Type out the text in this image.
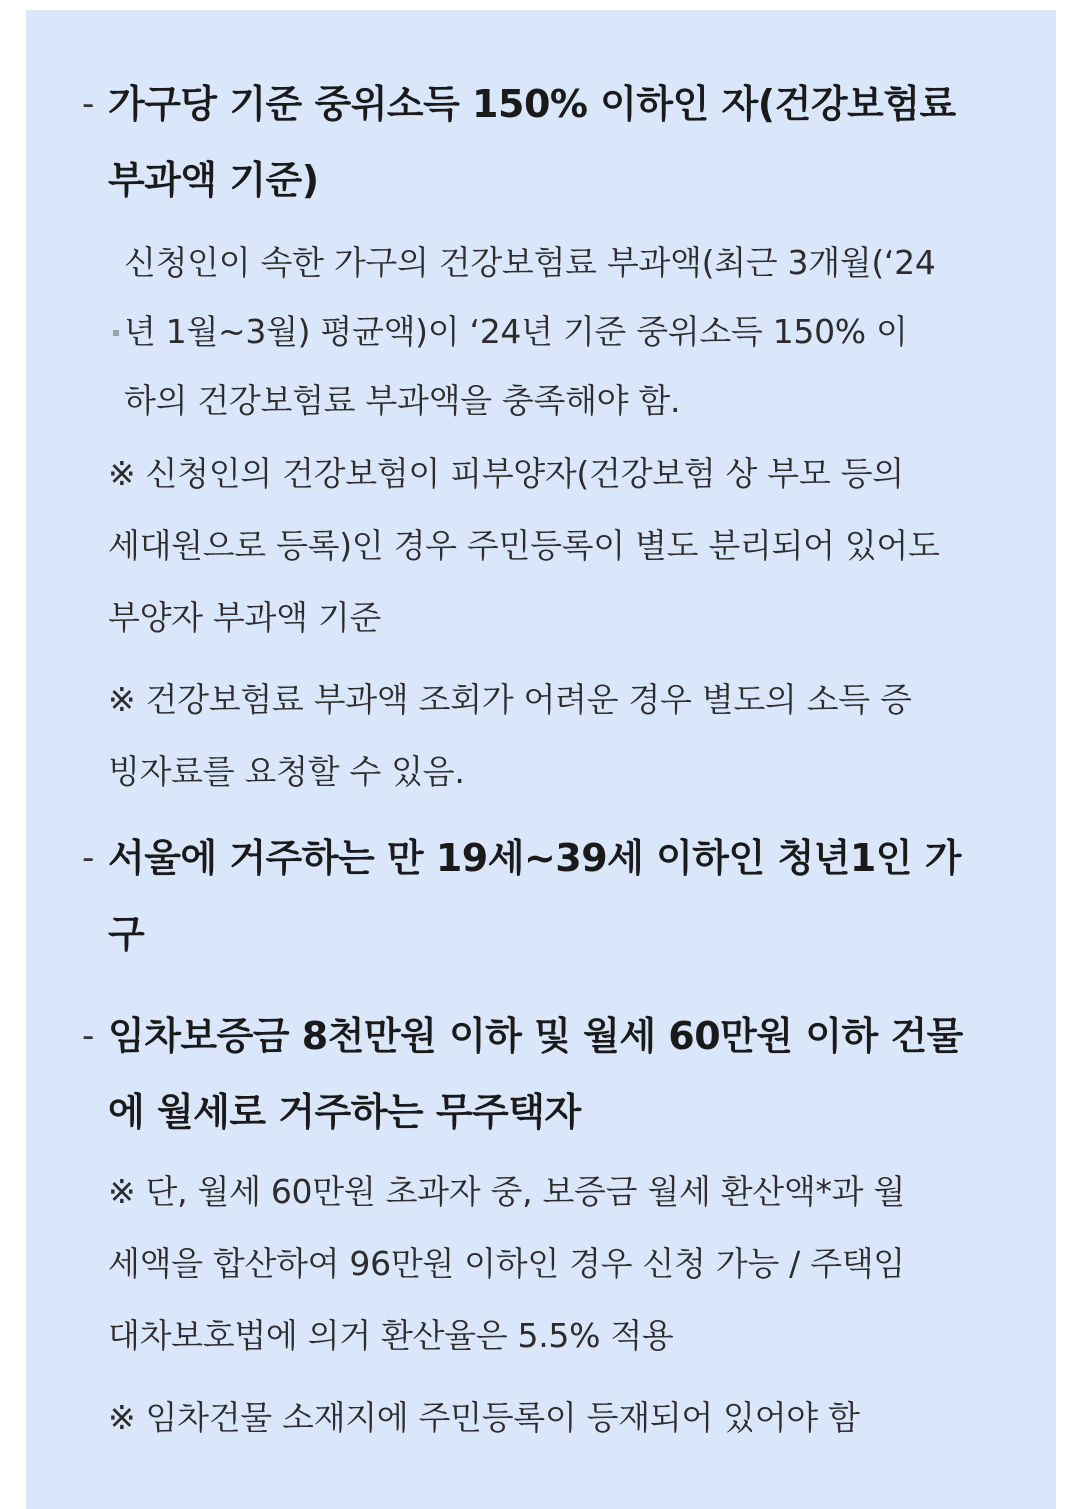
- 가구당 기준 중위소득 150% 이하인 자(건강보험료
부과액 기준)
신청인이 속한 가구의 건강보험료 부과액(최근 3개월(‘24
년 1월~3월) 평균액)이 ‘24년 기준 중위소득 150% 이
하의 건강보험료 부과액을 충족해야 함.
※ 신청인의 건강보험이 피부양자(건강보험 상 부모 등의
세대원으로 등록)인 경우 주민등록이 별도 분리되어 있어도
부양자 부과액 기준
※ 건강보험료 부과액 조회가 어려운 경우 별도의 소득 증
빙자료를 요청할 수 있음.
- 서울에 거주하는 만 19세~39세 이하인 청년1인 가
구
- 임차보증금 8천만원 이하 및 월세 60만원 이하 건물
에 월세로 거주하는 무주택자
※ 단, 월세 60만원 초과자 중, 보증금 월세 환산액*과 월
세액을 합산하여 96만원 이하인 경우 신청 가능 / 주택임
대차보호법에 의거 환산율은 5.5% 적용
※ 임차건물 소재지에 주민등록이 등재되어 있어야 함
